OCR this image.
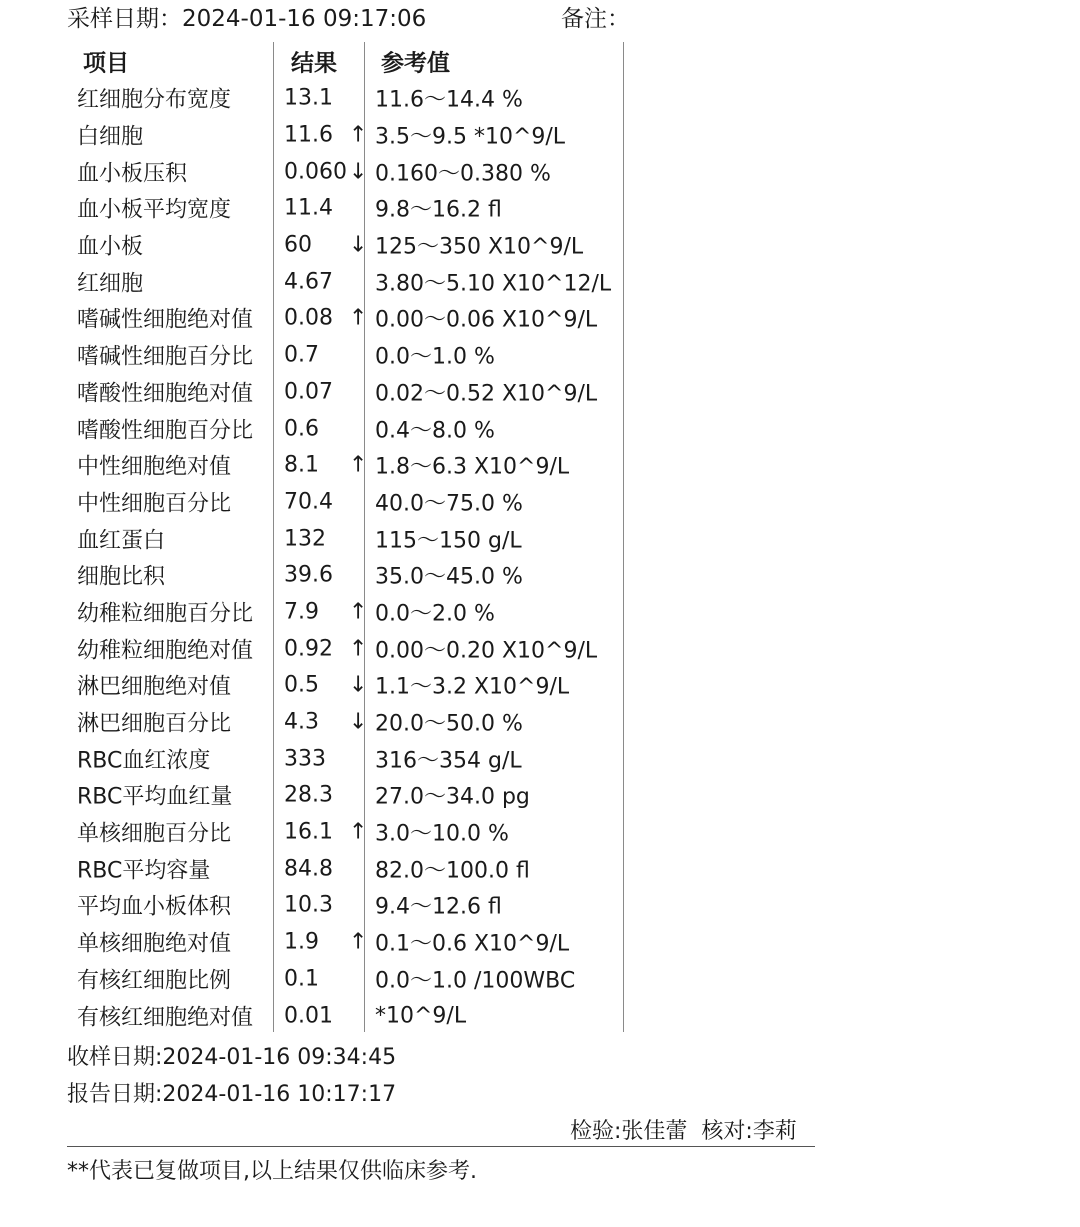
采样日期：2024-01-16 09:17:06	备注：
项目	结果 参考值
红细胞分布宽度	13.1 11.6～14.4 %
白细胞	11.6 ↑ 3.5～9.5 *10^9/L
血小板压积	0.060 ↓ 0.160～0.380 %
血小板平均宽度	11.4 9.8～16.2 fl
血小板	60 ↓ 125～350 X10^9/L
红细胞	4.67 3.80～5.10 X10^12/L
嗜碱性细胞绝对值	0.08 ↑ 0.00～0.06 X10^9/L
嗜碱性细胞百分比	0.7	0.0～1.0 %
嗜酸性细胞绝对值	0.07 0.02～0.52 X10^9/L
嗜酸性细胞百分比	0.6	0.4～8.0 %
中性细胞绝对值	8.1 ↑ 1.8～6.3 X10^9/L
中性细胞百分比	70.4 40.0～75.0 %
血红蛋白	132 115～150 g/L
细胞比积	39.6 35.0～45.0 %
幼稚粒细胞百分比	7.9 ↑ 0.0～2.0 %
幼稚粒细胞绝对值	0.92 ↑ 0.00～0.20 X10^9/L
淋巴细胞绝对值	0.5 ↓ 1.1～3.2 X10^9/L
淋巴细胞百分比	4.3 ↓ 20.0～50.0 %
RBC血红浓度	333 316～354 g/L
RBC平均血红量	28.3 27.0～34.0 pg
单核细胞百分比	16.1 ↑ 3.0～10.0 %
RBC平均容量	84.8 82.0～100.0 fl
平均血小板体积	10.3 9.4～12.6 fl
单核细胞绝对值	1.9 ↑ 0.1～0.6 X10^9/L
有核红细胞比例	0.1	0.0～1.0 /100WBC
有核红细胞绝对值	0.01 *10^9/L
收样日期:2024-01-16 09:34:45
报告日期:2024-01-16 10:17:17
检验:张佳蕾 核对:李莉
**代表已复做项目,以上结果仅供临床参考.
